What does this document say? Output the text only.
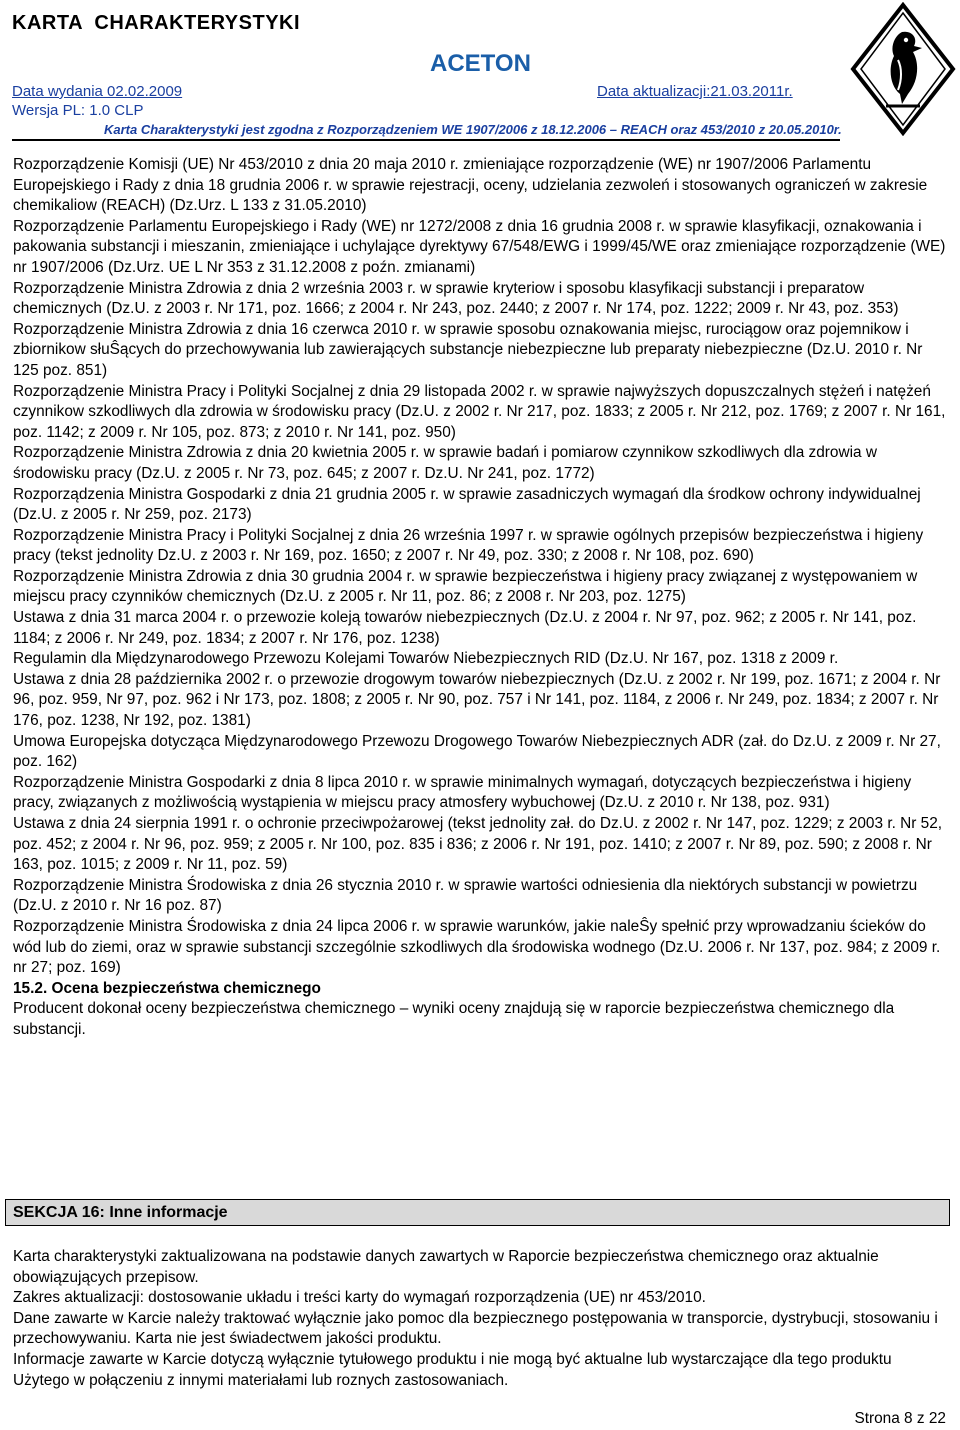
KARTA  CHARAKTERYSTYKI
ACETON
Data wydania 02.02.2009	Data aktualizacji:21.03.2011r.
Wersja PL: 1.0 CLP
Karta Charakterystyki jest zgodna z Rozporządzeniem WE 1907/2006 z 18.12.2006 – REACH oraz 453/2010 z 20.05.2010r.

Rozporządzenie Komisji (UE) Nr 453/2010 z dnia 20 maja 2010 r. zmieniające rozporządzenie (WE) nr 1907/2006 Parlamentu Europejskiego i Rady z dnia 18 grudnia 2006 r. w sprawie rejestracji, oceny, udzielania zezwoleń i stosowanych ograniczeń w zakresie chemikaliow (REACH) (Dz.Urz. L 133 z 31.05.2010)

Rozporządzenie Parlamentu Europejskiego i Rady (WE) nr 1272/2008 z dnia 16 grudnia 2008 r. w sprawie klasyfikacji, oznakowania i pakowania substancji i mieszanin, zmieniające i uchylające dyrektywy 67/548/EWG i 1999/45/WE oraz zmieniające rozporządzenie (WE) nr 1907/2006 (Dz.Urz. UE L Nr 353 z 31.12.2008 z poźn. zmianami)

Rozporządzenie Ministra Zdrowia z dnia 2 września 2003 r. w sprawie kryteriow i sposobu klasyfikacji substancji i preparatow chemicznych (Dz.U. z 2003 r. Nr 171, poz. 1666; z 2004 r. Nr 243, poz. 2440; z 2007 r. Nr 174, poz. 1222; 2009 r. Nr 43, poz. 353)

Rozporządzenie Ministra Zdrowia z dnia 16 czerwca 2010 r. w sprawie sposobu oznakowania miejsc, rurociągow oraz pojemnikow i zbiornikow słuŜących do przechowywania lub zawierających substancje niebezpieczne lub preparaty niebezpieczne (Dz.U. 2010 r. Nr 125 poz. 851)

Rozporządzenie Ministra Pracy i Polityki Socjalnej z dnia 29 listopada 2002 r. w sprawie najwyższych dopuszczalnych stężeń i natężeń czynnikow szkodliwych dla zdrowia w środowisku pracy (Dz.U. z 2002 r. Nr 217, poz. 1833; z 2005 r. Nr 212, poz. 1769; z 2007 r. Nr 161, poz. 1142; z 2009 r. Nr 105, poz. 873; z 2010 r. Nr 141, poz. 950)

Rozporządzenie Ministra Zdrowia z dnia 20 kwietnia 2005 r. w sprawie badań i pomiarow czynnikow szkodliwych dla zdrowia w środowisku pracy (Dz.U. z 2005 r. Nr 73, poz. 645; z 2007 r. Dz.U. Nr 241, poz. 1772)

Rozporządzenia Ministra Gospodarki z dnia 21 grudnia 2005 r. w sprawie zasadniczych wymagań dla środkow ochrony indywidualnej (Dz.U. z 2005 r. Nr 259, poz. 2173)

Rozporządzenie Ministra Pracy i Polityki Socjalnej z dnia 26 września 1997 r. w sprawie ogólnych przepisów bezpieczeństwa i higieny pracy (tekst jednolity Dz.U. z 2003 r. Nr 169, poz. 1650; z 2007 r. Nr 49, poz. 330; z 2008 r. Nr 108, poz. 690)

Rozporządzenie Ministra Zdrowia z dnia 30 grudnia 2004 r. w sprawie bezpieczeństwa i higieny pracy związanej z występowaniem w miejscu pracy czynników chemicznych (Dz.U. z 2005 r. Nr 11, poz. 86; z 2008 r. Nr 203, poz. 1275)

Ustawa z dnia 31 marca 2004 r. o przewozie koleją towarów niebezpiecznych (Dz.U. z 2004 r. Nr 97, poz. 962; z 2005 r. Nr 141, poz. 1184; z 2006 r. Nr 249, poz. 1834; z 2007 r. Nr 176, poz. 1238)

Regulamin dla Międzynarodowego Przewozu Kolejami Towarów Niebezpiecznych RID (Dz.U. Nr 167, poz. 1318 z 2009 r.

Ustawa z dnia 28 października 2002 r. o przewozie drogowym towarów niebezpiecznych (Dz.U. z 2002 r. Nr 199, poz. 1671; z 2004 r. Nr 96, poz. 959, Nr 97, poz. 962 i Nr 173, poz. 1808; z 2005 r. Nr 90, poz. 757 i Nr 141, poz. 1184, z 2006 r. Nr 249, poz. 1834; z 2007 r. Nr 176, poz. 1238, Nr 192, poz. 1381)

Umowa Europejska dotycząca Międzynarodowego Przewozu Drogowego Towarów Niebezpiecznych ADR (zał. do Dz.U. z 2009 r. Nr 27, poz. 162)

Rozporządzenie Ministra Gospodarki z dnia 8 lipca 2010 r. w sprawie minimalnych wymagań, dotyczących bezpieczeństwa i higieny pracy, związanych z możliwością wystąpienia w miejscu pracy atmosfery wybuchowej (Dz.U. z 2010 r. Nr 138, poz. 931)

Ustawa z dnia 24 sierpnia 1991 r. o ochronie przeciwpożarowej (tekst jednolity zał. do Dz.U. z 2002 r. Nr 147, poz. 1229; z 2003 r. Nr 52, poz. 452; z 2004 r. Nr 96, poz. 959; z 2005 r. Nr 100, poz. 835 i 836; z 2006 r. Nr 191, poz. 1410; z 2007 r. Nr 89, poz. 590; z 2008 r. Nr 163, poz. 1015; z 2009 r. Nr 11, poz. 59)

Rozporządzenie Ministra Środowiska z dnia 26 stycznia 2010 r. w sprawie wartości odniesienia dla niektórych substancji w powietrzu (Dz.U. z 2010 r. Nr 16 poz. 87)

Rozporządzenie Ministra Środowiska z dnia 24 lipca 2006 r. w sprawie warunków, jakie naleŜy spełnić przy wprowadzaniu ścieków do wód lub do ziemi, oraz w sprawie substancji szczególnie szkodliwych dla środowiska wodnego (Dz.U. 2006 r. Nr 137, poz. 984; z 2009 r. nr 27; poz. 169)

15.2. Ocena bezpieczeństwa chemicznego

Producent dokonał oceny bezpieczeństwa chemicznego – wyniki oceny znajdują się w raporcie bezpieczeństwa chemicznego dla substancji.

SEKCJA 16: Inne informacje

Karta charakterystyki zaktualizowana na podstawie danych zawartych w Raporcie bezpieczeństwa chemicznego oraz aktualnie obowiązujących przepisow.

Zakres aktualizacji: dostosowanie układu i treści karty do wymagań rozporządzenia (UE) nr 453/2010.

Dane zawarte w Karcie należy traktować wyłącznie jako pomoc dla bezpiecznego postępowania w transporcie, dystrybucji, stosowaniu i przechowywaniu. Karta nie jest świadectwem jakości produktu.

Informacje zawarte w Karcie dotyczą wyłącznie tytułowego produktu i nie mogą być aktualne lub wystarczające dla tego produktu Użytego w połączeniu z innymi materiałami lub roznych zastosowaniach.

Strona 8 z 22
